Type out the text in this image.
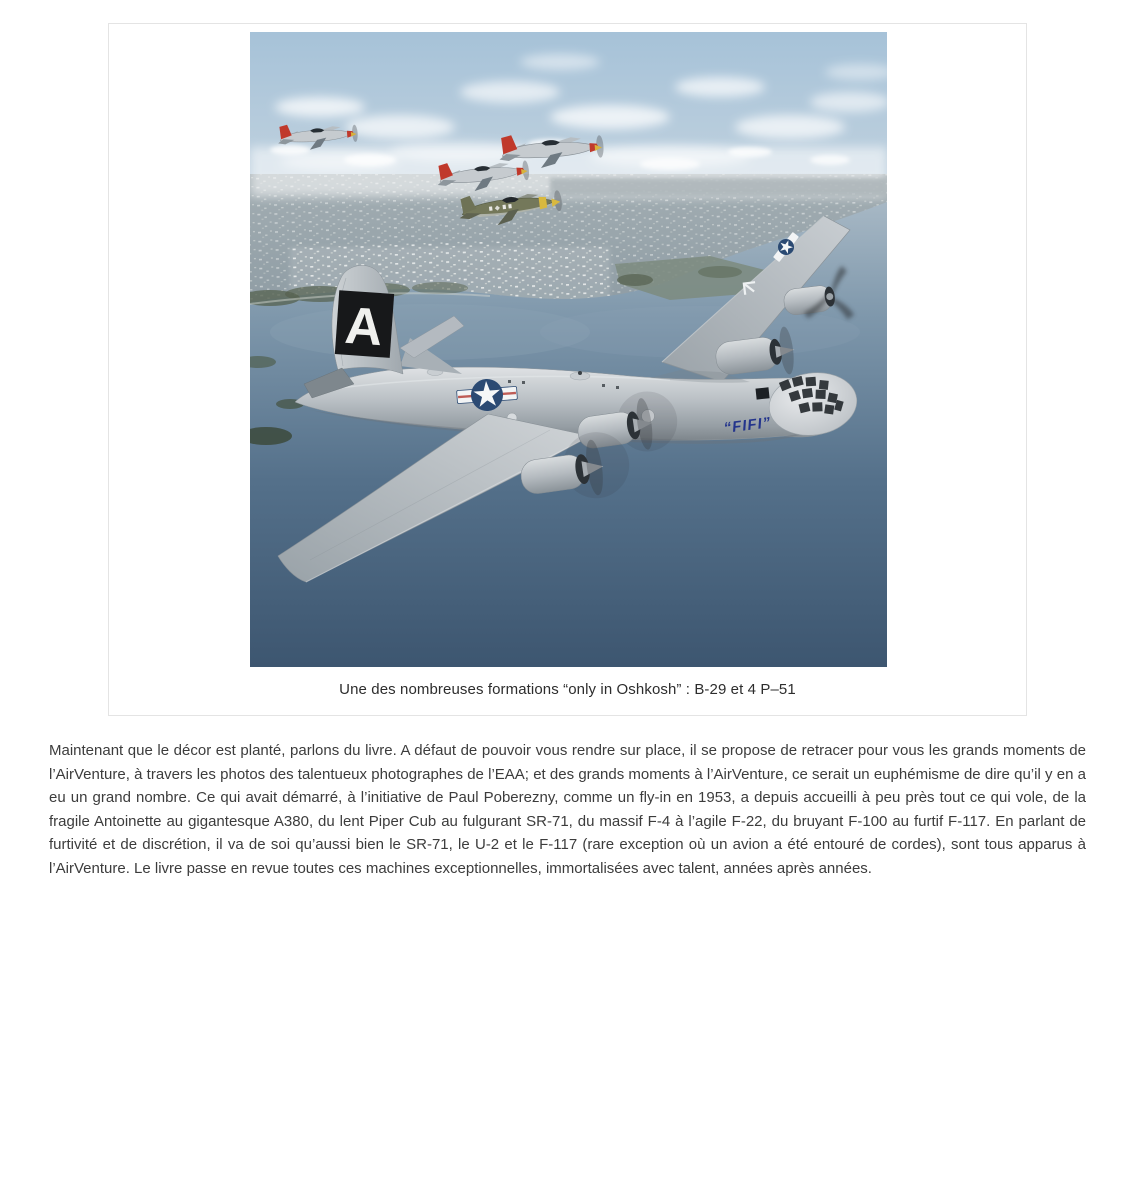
A
“FIFI”
Une des nombreuses formations “only in Oshkosh” : B-29 et 4 P–51

Maintenant que le décor est planté, parlons du livre. A défaut de pouvoir vous rendre sur place, il se propose de retracer pour vous les grands moments de l’AirVenture, à travers les photos des talentueux photographes de l’EAA; et des grands moments à l’AirVenture, ce serait un euphémisme de dire qu’il y en a eu un grand nombre. Ce qui avait démarré, à l’initiative de Paul Poberezny, comme un fly-in en 1953, a depuis accueilli à peu près tout ce qui vole, de la fragile Antoinette au gigantesque A380, du lent Piper Cub au fulgurant SR-71, du massif F-4 à l’agile F-22, du bruyant F-100 au furtif F-117. En parlant de furtivité et de discrétion, il va de soi qu’aussi bien le SR-71, le U-2 et le F-117 (rare exception où un avion a été entouré de cordes), sont tous apparus à l’AirVenture. Le livre passe en revue toutes ces machines exceptionnelles, immortalisées avec talent, années après années.
